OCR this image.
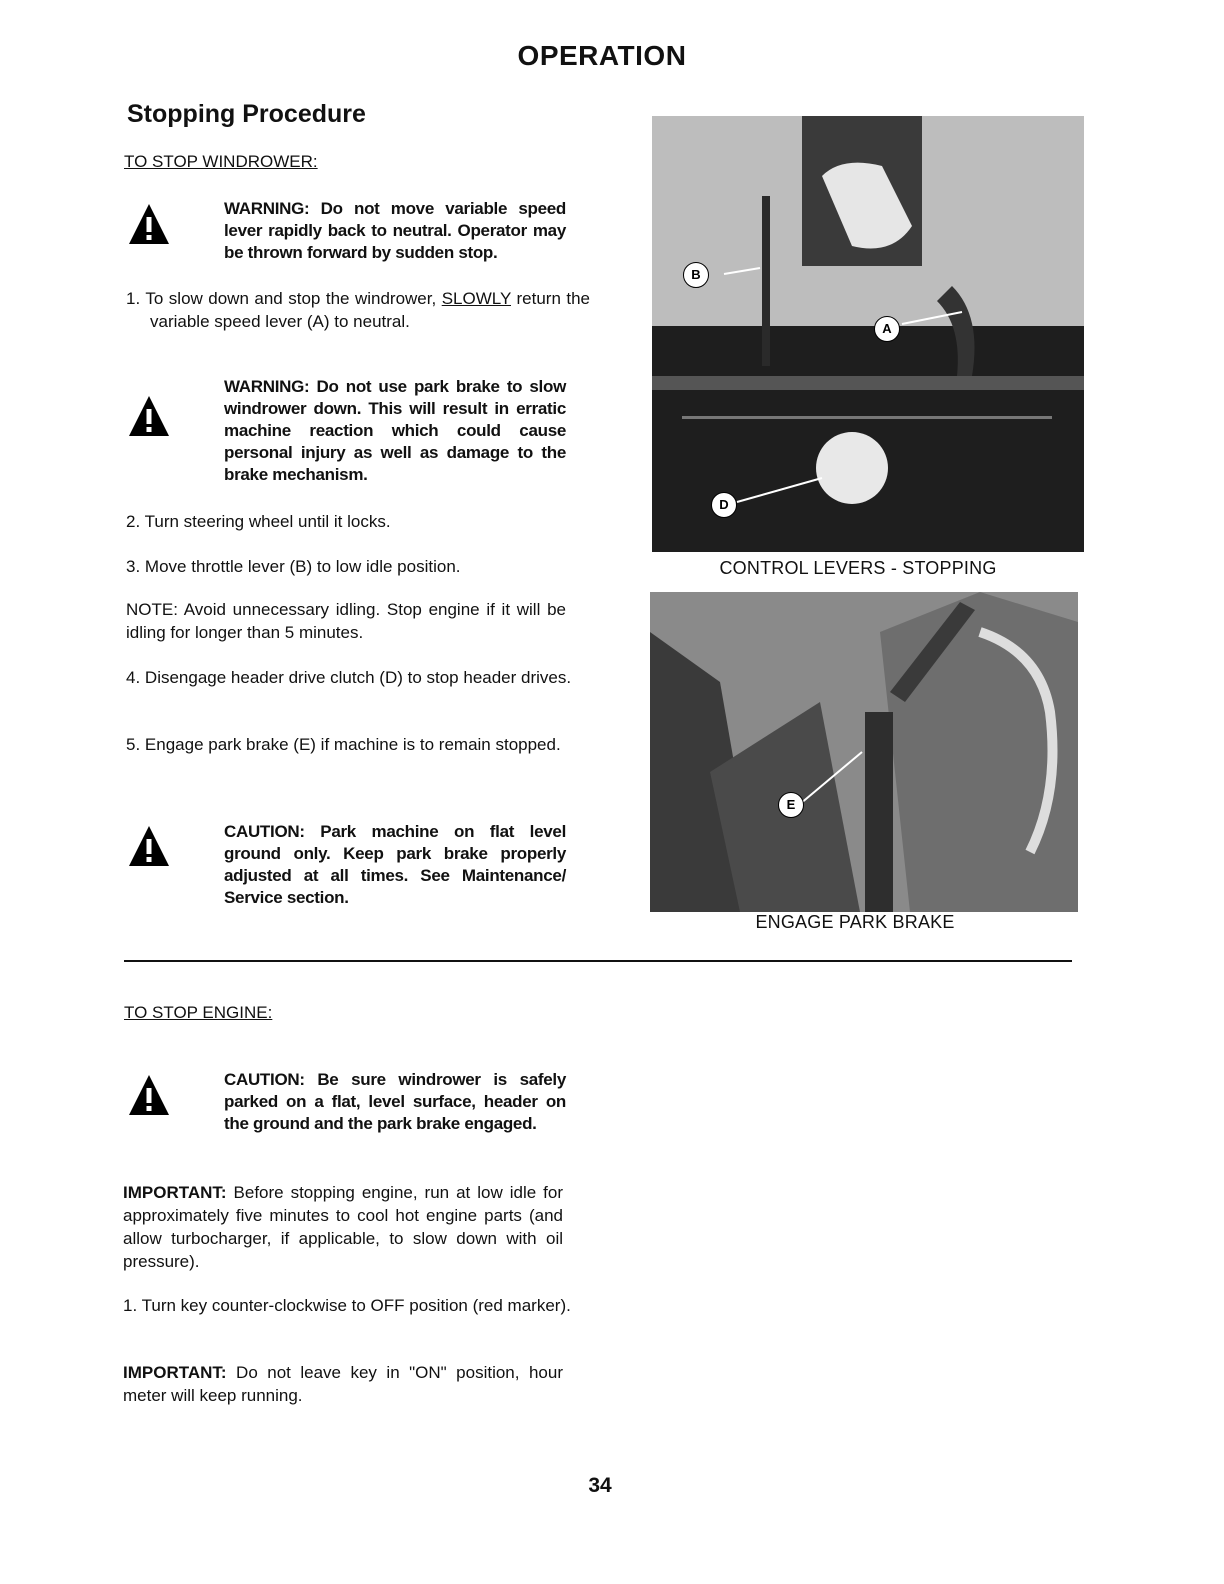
OPERATION
Stopping Procedure
TO STOP WINDROWER:
WARNING: Do not move variable speed lever rapidly back to neutral. Operator may be thrown forward by sudden stop.
1. To slow down and stop the windrower, SLOWLY return the variable speed lever (A) to neutral.
WARNING: Do not use park brake to slow windrower down. This will result in erratic machine reaction which could cause personal injury as well as damage to the brake mechanism.
2. Turn steering wheel until it locks.
3. Move throttle lever (B) to low idle position.
NOTE: Avoid unnecessary idling. Stop engine if it will be idling for longer than 5 minutes.
4. Disengage header drive clutch (D) to stop header drives.
5. Engage park brake (E) if machine is to remain stopped.
CAUTION: Park machine on flat level ground only. Keep park brake properly adjusted at all times. See Maintenance/ Service section.
B
A
D
CONTROL LEVERS - STOPPING
E
ENGAGE PARK BRAKE
TO STOP ENGINE:
CAUTION: Be sure windrower is safely parked on a flat, level surface, header on the ground and the park brake engaged.
IMPORTANT: Before stopping engine, run at low idle for approximately five minutes to cool hot engine parts (and allow turbocharger, if applicable, to slow down with oil pressure).
1. Turn key counter-clockwise to OFF position (red marker).
IMPORTANT: Do not leave key in "ON" position, hour meter will keep running.
34
